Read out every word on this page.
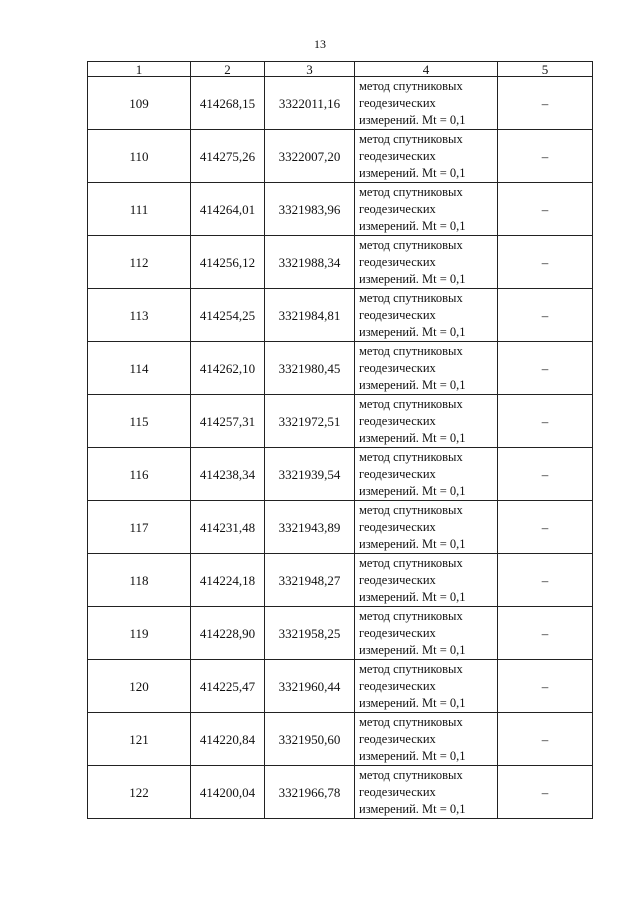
13
1	2	3	4	5
109	414268,15	3322011,16	метод спутниковых
геодезических
измерений. Mt = 0,1	–
110	414275,26	3322007,20	метод спутниковых
геодезических
измерений. Mt = 0,1	–
111	414264,01	3321983,96	метод спутниковых
геодезических
измерений. Mt = 0,1	–
112	414256,12	3321988,34	метод спутниковых
геодезических
измерений. Mt = 0,1	–
113	414254,25	3321984,81	метод спутниковых
геодезических
измерений. Mt = 0,1	–
114	414262,10	3321980,45	метод спутниковых
геодезических
измерений. Mt = 0,1	–
115	414257,31	3321972,51	метод спутниковых
геодезических
измерений. Mt = 0,1	–
116	414238,34	3321939,54	метод спутниковых
геодезических
измерений. Mt = 0,1	–
117	414231,48	3321943,89	метод спутниковых
геодезических
измерений. Mt = 0,1	–
118	414224,18	3321948,27	метод спутниковых
геодезических
измерений. Mt = 0,1	–
119	414228,90	3321958,25	метод спутниковых
геодезических
измерений. Mt = 0,1	–
120	414225,47	3321960,44	метод спутниковых
геодезических
измерений. Mt = 0,1	–
121	414220,84	3321950,60	метод спутниковых
геодезических
измерений. Mt = 0,1	–
122	414200,04	3321966,78	метод спутниковых
геодезических
измерений. Mt = 0,1	–
